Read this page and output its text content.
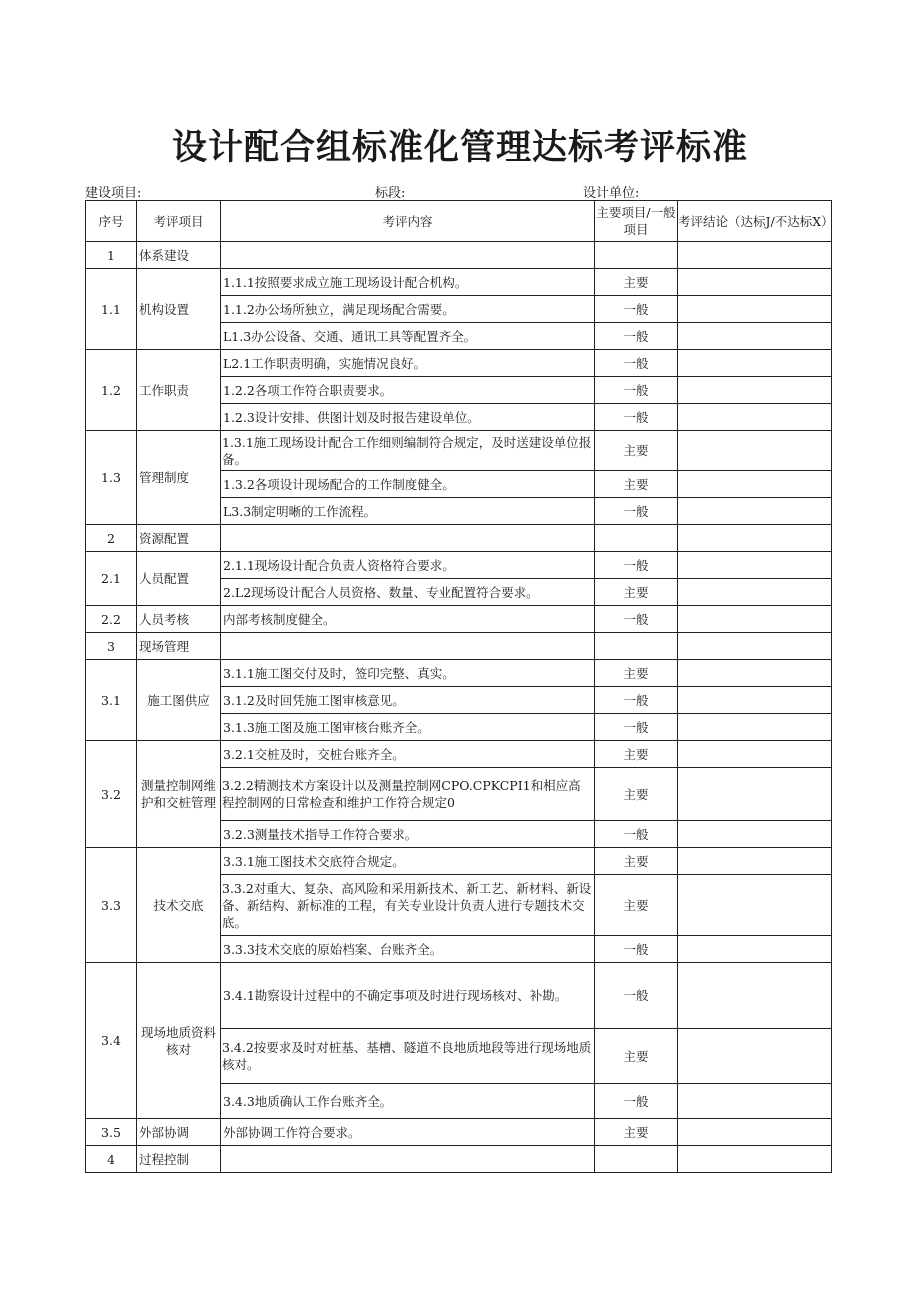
设计配合组标准化管理达标考评标准
建设项目:	标段:	设计单位:
序号	考评项目	考评内容	主要项目/一般项目	考评结论（达标J/不达标X）
1	体系建设			
1.1	机构设置	1.1.1按照要求成立施工现场设计配合机构。	主要	
		1.1.2办公场所独立，满足现场配合需要。	一般	
		L1.3办公设备、交通、通讯工具等配置齐全。	一般	
1.2	工作职责	L2.1工作职责明确，实施情况良好。	一般	
		1.2.2各项工作符合职责要求。	一般	
		1.2.3设计安排、供图计划及时报告建设单位。	一般	
1.3	管理制度	1.3.1施工现场设计配合工作细则编制符合规定，及时送建设单位报备。	主要	
		1.3.2各项设计现场配合的工作制度健全。	主要	
		L3.3制定明晰的工作流程。	一般	
2	资源配置			
2.1	人员配置	2.1.1现场设计配合负责人资格符合要求。	一般	
		2.L2现场设计配合人员资格、数量、专业配置符合要求。	主要	
2.2	人员考核	内部考核制度健全。	一般	
3	现场管理			
3.1	施工图供应	3.1.1施工图交付及时，签印完整、真实。	主要	
		3.1.2及时回凭施工图审核意见。	一般	
		3.1.3施工图及施工图审核台账齐全。	一般	
3.2	测量控制网维护和交桩管理	3.2.1交桩及时，交桩台账齐全。	主要	
		3.2.2精测技术方案设计以及测量控制网CPO.CPKCPI1和相应高程控制网的日常检查和维护工作符合规定0	主要	
		3.2.3测量技术指导工作符合要求。	一般	
3.3	技术交底	3.3.1施工图技术交底符合规定。	主要	
		3.3.2对重大、复杂、高风险和采用新技术、新工艺、新材料、新设备、新结构、新标准的工程，有关专业设计负责人进行专题技术交底。	主要	
		3.3.3技术交底的原始档案、台账齐全。	一般	
3.4	现场地质资料核对	3.4.1勘察设计过程中的不确定事项及时进行现场核对、补勘。	一般	
		3.4.2按要求及时对桩基、基槽、隧道不良地质地段等进行现场地质核对。	主要	
		3.4.3地质确认工作台账齐全。	一般	
3.5	外部协调	外部协调工作符合要求。	主要	
4	过程控制			
